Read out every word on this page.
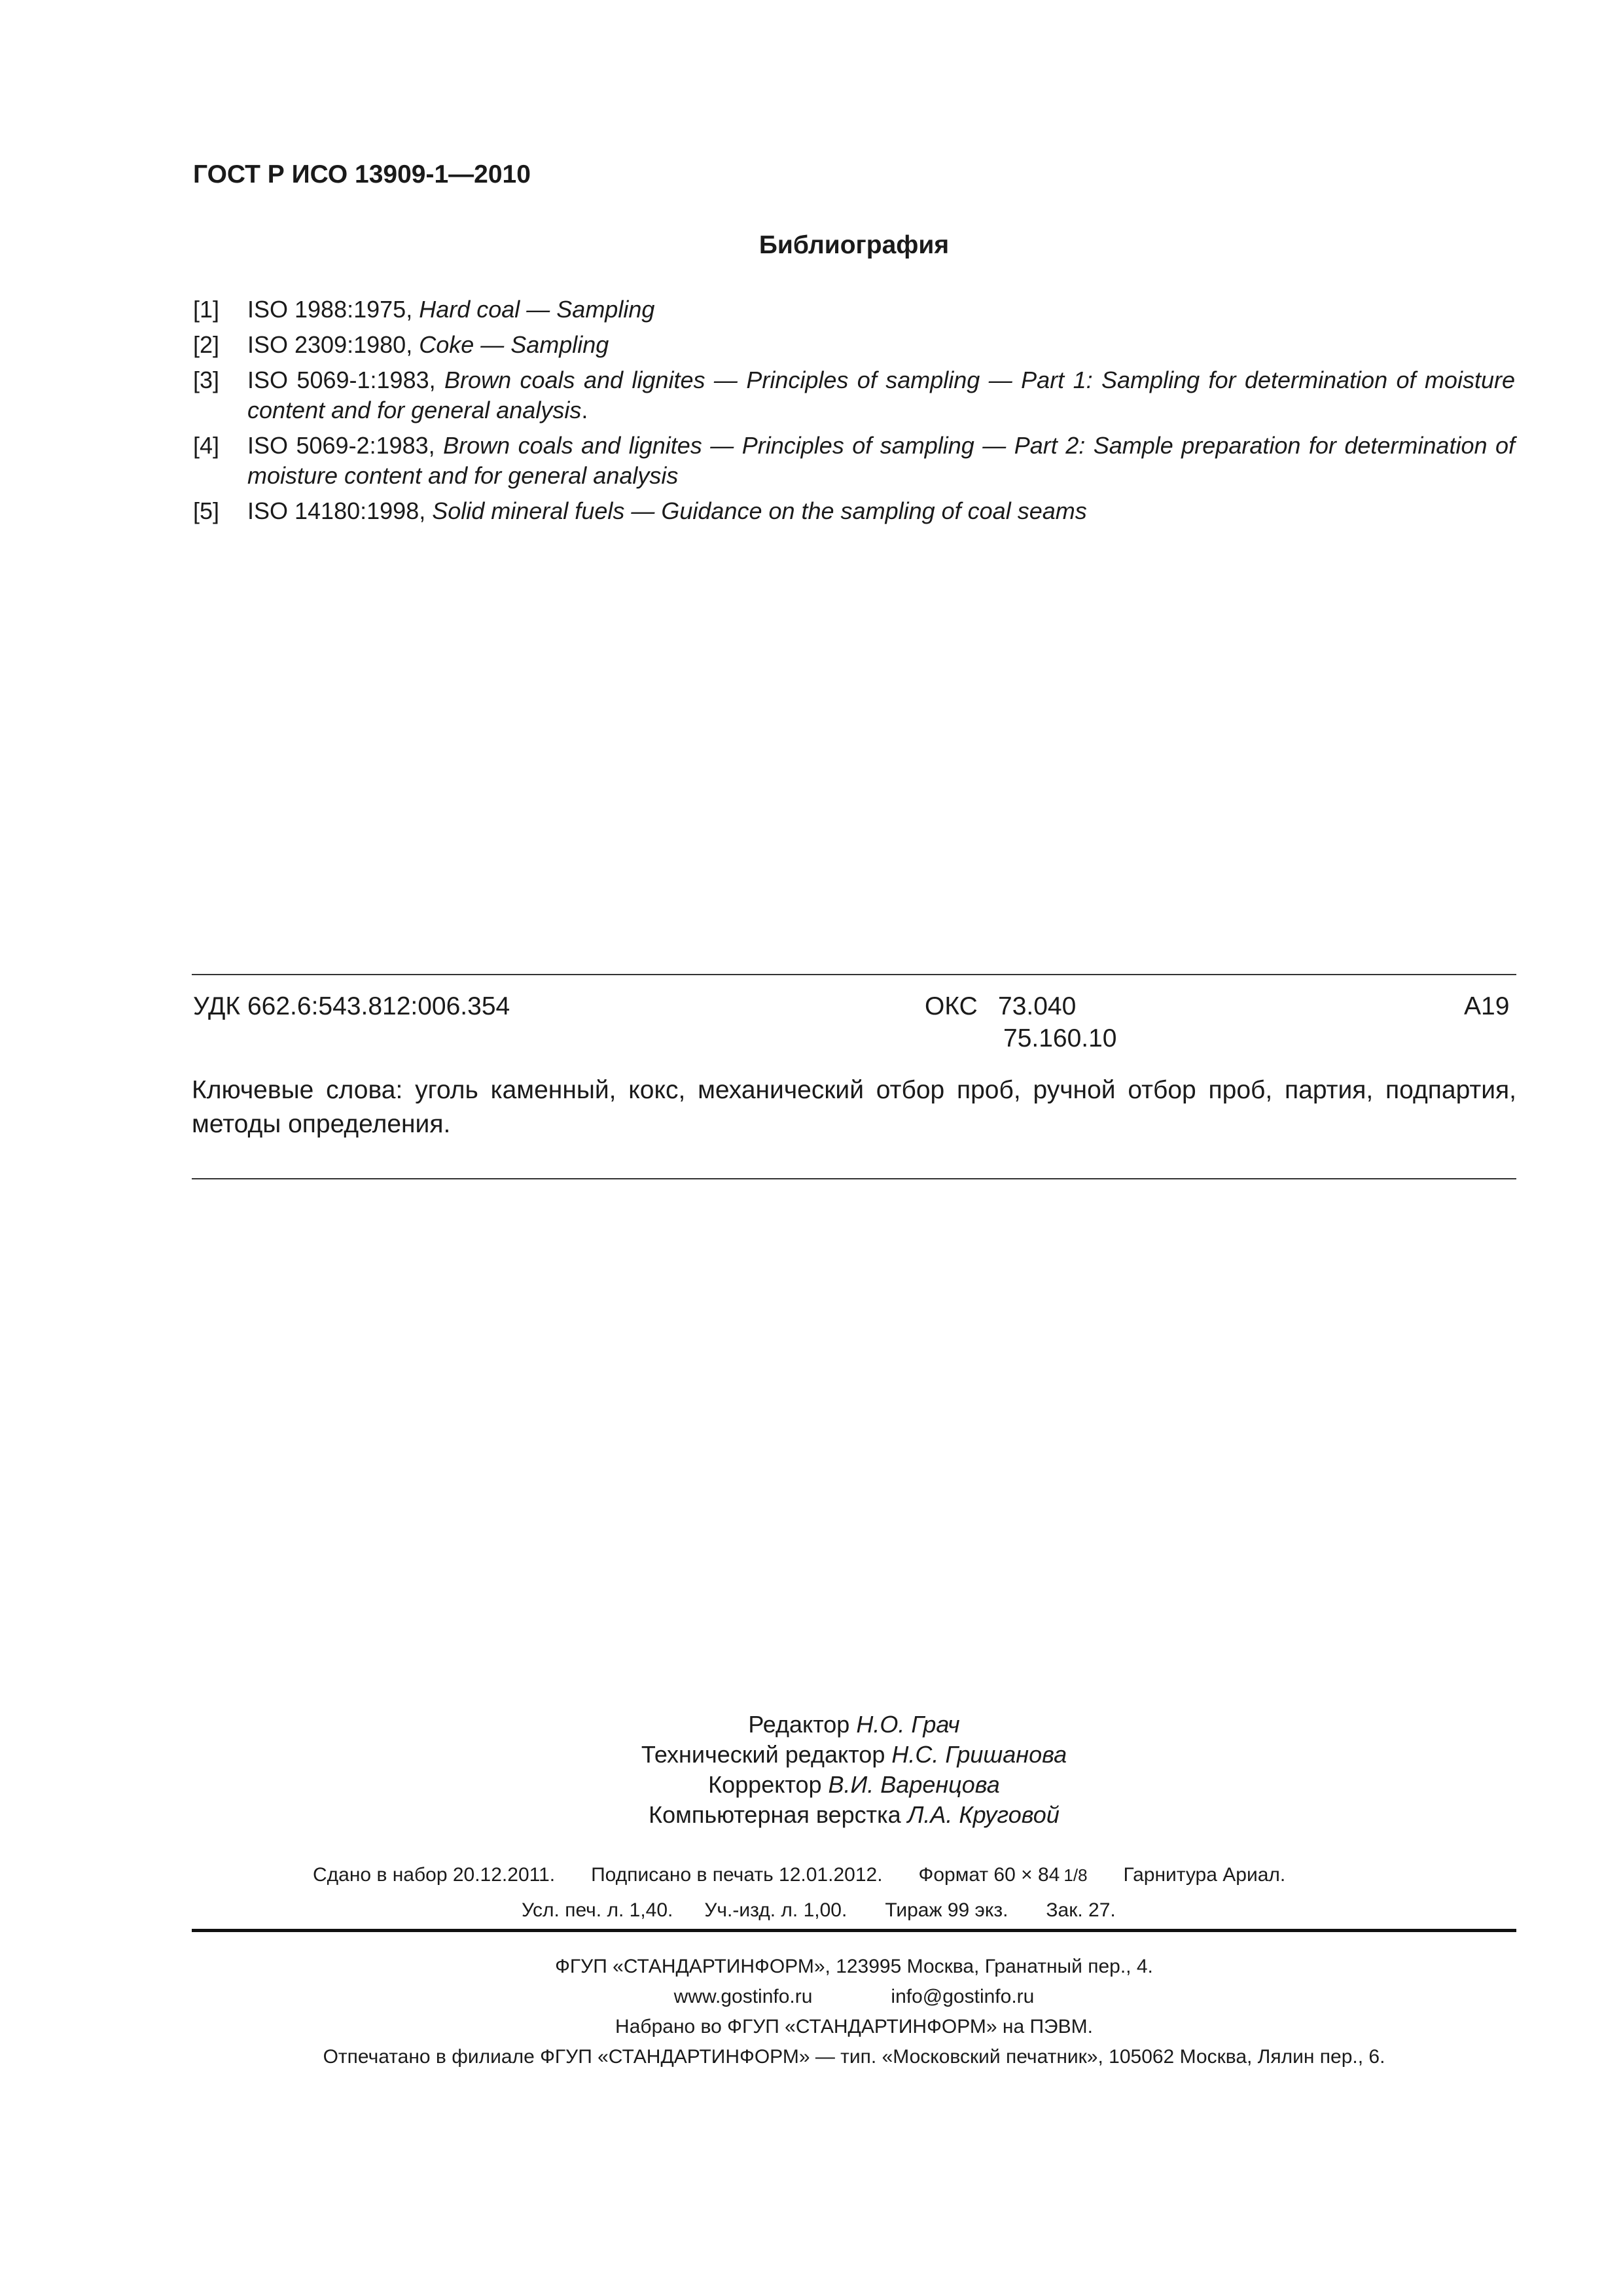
ГОСТ Р ИСО 13909-1—2010
Библиография
[1]	ISO 1988:1975, Hard coal — Sampling
[2]	ISO 2309:1980, Coke — Sampling
[3]	ISO 5069-1:1983, Brown coals and lignites — Principles of sampling — Part 1: Sampling for determination of moisture content and for general analysis.
[4]	ISO 5069-2:1983, Brown coals and lignites — Principles of sampling — Part 2: Sample preparation for determination of moisture content and for general analysis
[5]	ISO 14180:1998, Solid mineral fuels — Guidance on the sampling of coal seams
УДК 662.6:543.812:006.354	ОКС 73.040
75.160.10
А19
Ключевые слова: уголь каменный, кокс, механический отбор проб, ручной отбор проб, партия, подпартия, методы определения.
Редактор Н.О. Грач
Технический редактор Н.С. Гришанова
Корректор В.И. Варенцова
Компьютерная верстка Л.А. Круговой
Сдано в набор 20.12.2011. Подписано в печать 12.01.2012. Формат 60 × 84  1/8 Гарнитура Ариал.
Усл. печ. л. 1,40. Уч.-изд. л. 1,00. Тираж 99 экз. Зак. 27.
ФГУП «СТАНДАРТИНФОРМ», 123995 Москва, Гранатный пер., 4.
www.gostinfo.ru	info@gostinfo.ru
Набрано во ФГУП «СТАНДАРТИНФОРМ» на ПЭВМ.
Отпечатано в филиале ФГУП «СТАНДАРТИНФОРМ» — тип. «Московский печатник», 105062 Москва, Лялин пер., 6.
